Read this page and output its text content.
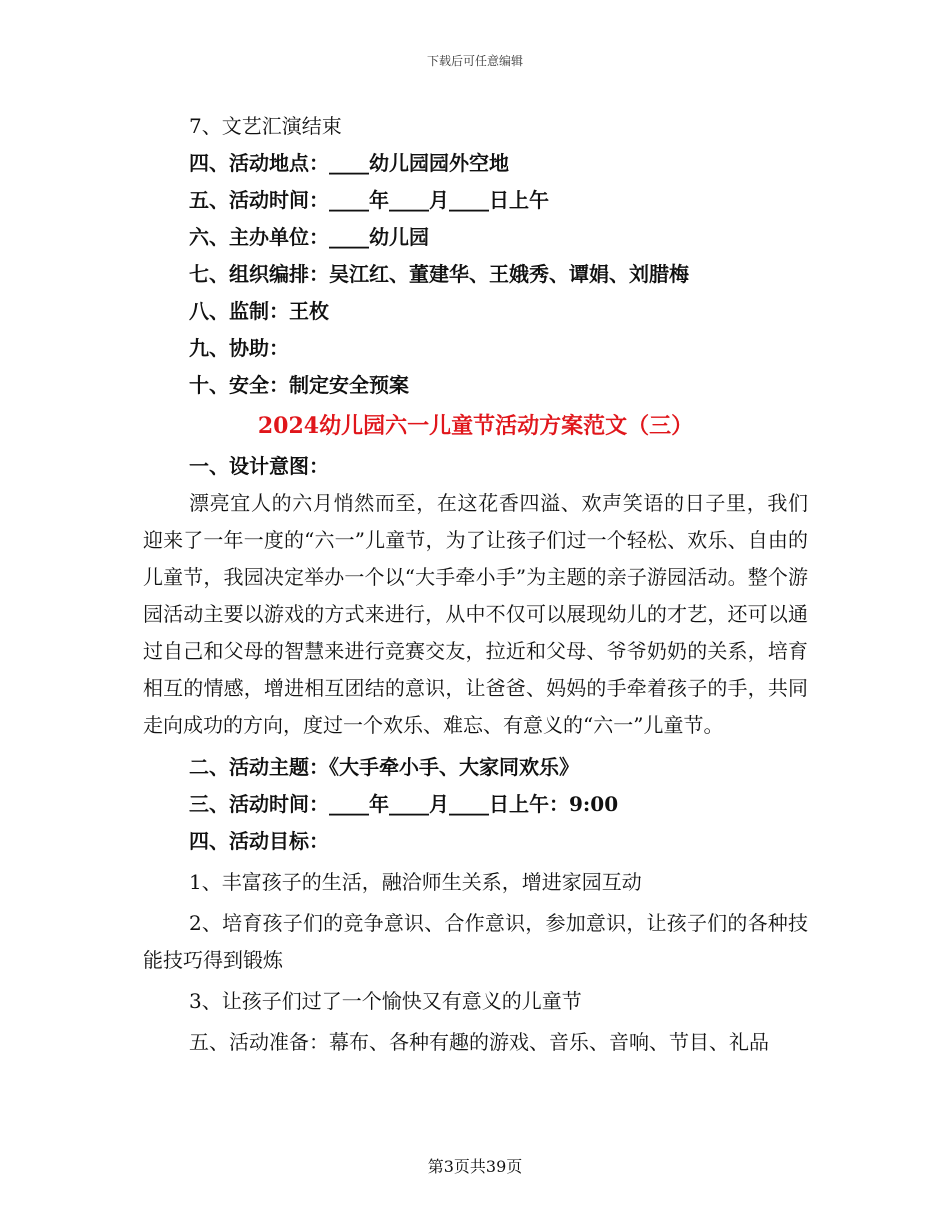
下载后可任意编辑
7、文艺汇演结束
四、活动地点：____幼儿园园外空地
五、活动时间：____年____月____日上午
六、主办单位：____幼儿园
七、组织编排：吴江红、董建华、王娥秀、谭娟、刘腊梅
八、监制：王枚
九、协助：
十、安全：制定安全预案
2024幼儿园六一儿童节活动方案范文（三）
一、设计意图：

漂亮宜人的六月悄然而至，在这花香四溢、欢声笑语的日子里，我们迎来了一年一度的“六一”儿童节，为了让孩子们过一个轻松、欢乐、自由的儿童节，我园决定举办一个以“大手牵小手”为主题的亲子游园活动。整个游园活动主要以游戏的方式来进行，从中不仅可以展现幼儿的才艺，还可以通过自己和父母的智慧来进行竞赛交友，拉近和父母、爷爷奶奶的关系，培育相互的情感，增进相互团结的意识，让爸爸、妈妈的手牵着孩子的手，共同走向成功的方向，度过一个欢乐、难忘、有意义的“六一”儿童节。

二、活动主题：《大手牵小手、大家同欢乐》
三、活动时间：____年____月____日上午：9:00
四、活动目标：
1、丰富孩子的生活，融洽师生关系，增进家园互动

2、培育孩子们的竞争意识、合作意识，参加意识，让孩子们的各种技能技巧得到锻炼

3、让孩子们过了一个愉快又有意义的儿童节

五、活动准备：幕布、各种有趣的游戏、音乐、音响、节目、礼品

第3页共39页
